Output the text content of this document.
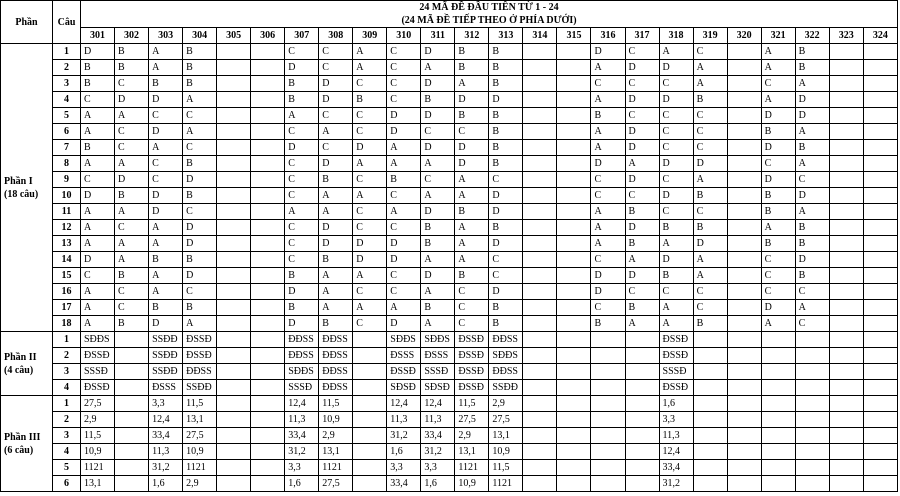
Phần	Câu	24 MÃ ĐỀ ĐẦU TIÊN TỪ 1 - 24
(24 MÃ ĐỀ TIẾP THEO Ở PHÍA DƯỚI)																							

		301	302	303	304	305	306	307	308	309	310	311	312	313	314	315	316	317	318	319	320	321	322	323	324

Phần I
(18 câu)	1	D	B	A	B			C	C	A	C	D	B	B			D	C	A	C		A	B		
	2	B	B	A	B			D	C	A	C	A	B	B			A	D	D	A		A	B		
	3	B	C	B	B			B	D	C	C	D	A	B			C	C	C	A		C	A		
	4	C	D	D	A			B	D	B	C	B	D	D			A	D	D	B		A	D		
	5	A	A	C	C			A	C	C	D	D	B	B			B	C	C	C		D	D		
	6	A	C	D	A			C	A	C	D	C	C	B			A	D	C	C		B	A		
	7	B	C	A	C			D	C	D	A	D	D	B			A	D	C	C		D	B		
	8	A	A	C	B			C	D	A	A	A	D	B			D	A	D	D		C	A		
	9	C	D	C	D			C	B	C	B	C	A	C			C	D	C	A		D	C		
	10	D	B	D	B			C	A	A	C	A	A	D			C	C	D	B		B	D		
	11	A	A	D	C			A	A	C	A	D	B	D			A	B	C	C		B	A		
	12	A	C	A	D			C	D	C	C	B	A	B			A	D	B	B		A	B		
	13	A	A	A	D			C	D	D	D	B	A	D			A	B	A	D		B	B		
	14	D	A	B	B			C	B	D	D	A	A	C			C	A	D	A		C	D		
	15	C	B	A	D			B	A	A	C	D	B	C			D	D	B	A		C	B		
	16	A	C	A	C			D	A	C	C	A	C	D			D	C	C	C		C	C		
	17	A	C	B	B			B	A	A	A	B	C	B			C	B	A	C		D	A		
	18	A	B	D	A			D	B	C	D	A	C	B			B	A	A	B		A	C		

Phần II
(4 câu)	1	SĐĐS		SSĐĐ	ĐSSĐ			ĐĐSS	ĐĐSS		SĐĐS	SĐĐS	ĐSSĐ	ĐĐSS					ĐSSĐ						
	2	ĐSSĐ		SSĐĐ	ĐSSĐ			ĐĐSS	ĐĐSS		ĐSSS	ĐSSS	ĐSSĐ	SĐĐS					ĐSSĐ						
	3	SSSĐ		SSĐĐ	ĐĐSS			SĐĐS	ĐĐSS		ĐSSĐ	SSSĐ	ĐSSĐ	ĐĐSS					SSSĐ						
	4	ĐSSĐ		ĐSSS	SSĐĐ			SSSĐ	ĐĐSS		SĐSĐ	SĐSĐ	ĐSSĐ	SSĐĐ					ĐSSĐ						

Phần III
(6 câu)	1	27,5		3,3	11,5			12,4	11,5		12,4	12,4	11,5	2,9					1,6						
	2	2,9		12,4	13,1			11,3	10,9		11,3	11,3	27,5	27,5					3,3						
	3	11,5		33,4	27,5			33,4	2,9		31,2	33,4	2,9	13,1					11,3						
	4	10,9		11,3	10,9			31,2	13,1		1,6	31,2	13,1	10,9					12,4						
	5	1121		31,2	1121			3,3	1121		3,3	3,3	1121	11,5					33,4						
	6	13,1		1,6	2,9			1,6	27,5		33,4	1,6	10,9	1121					31,2						
